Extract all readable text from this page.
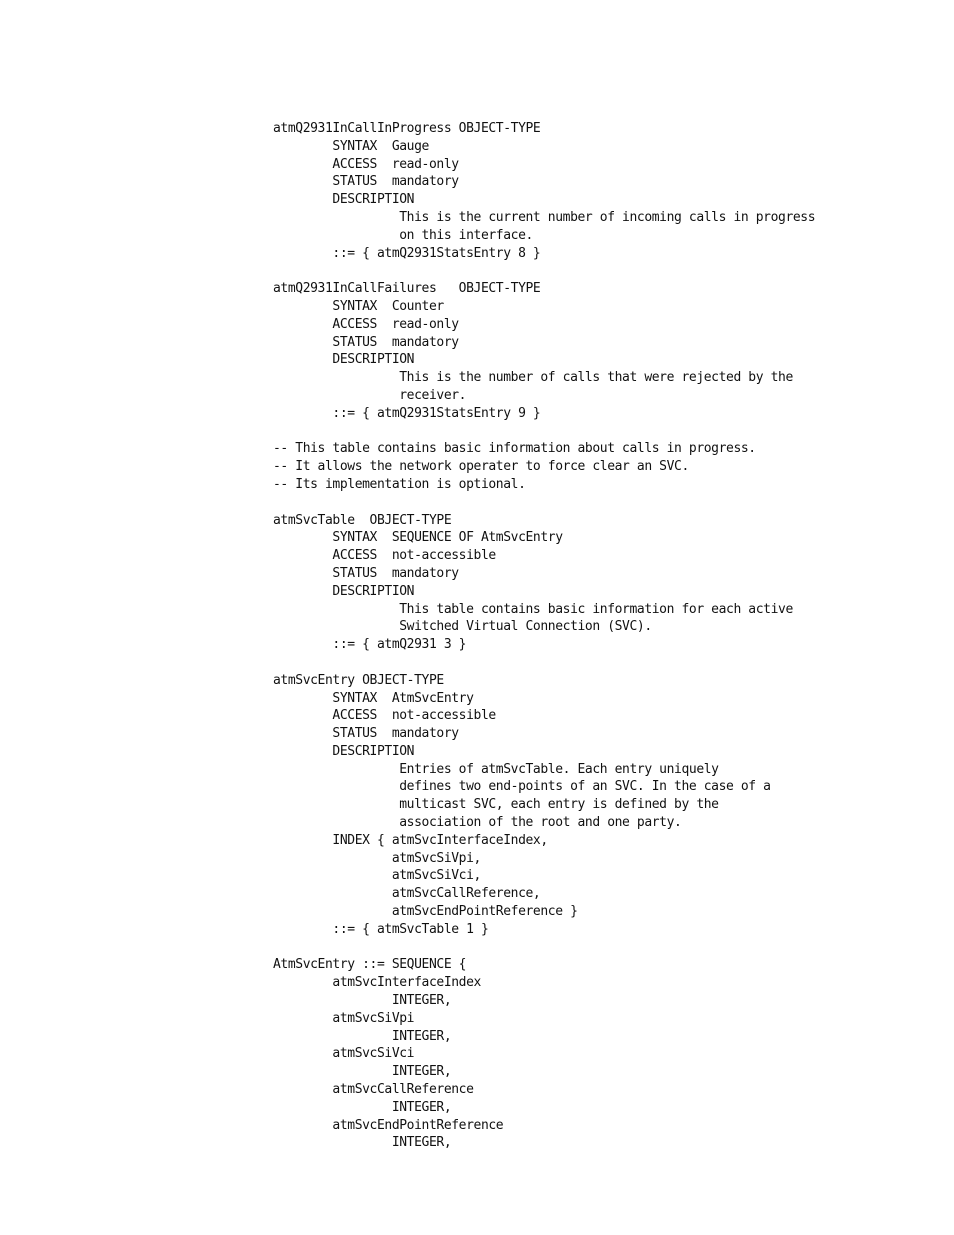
atmQ2931InCallInProgress OBJECT-TYPE
SYNTAX  Gauge
ACCESS  read-only
STATUS  mandatory
DESCRIPTION
This is the current number of incoming calls in progress
on this interface.
::= { atmQ2931StatsEntry 8 }
atmQ2931InCallFailures   OBJECT-TYPE
SYNTAX  Counter
ACCESS  read-only
STATUS  mandatory
DESCRIPTION
This is the number of calls that were rejected by the
receiver.
::= { atmQ2931StatsEntry 9 }
-- This table contains basic information about calls in progress.
-- It allows the network operater to force clear an SVC.
-- Its implementation is optional.
atmSvcTable  OBJECT-TYPE
SYNTAX  SEQUENCE OF AtmSvcEntry
ACCESS  not-accessible
STATUS  mandatory
DESCRIPTION
This table contains basic information for each active
Switched Virtual Connection (SVC).
::= { atmQ2931 3 }
atmSvcEntry OBJECT-TYPE
SYNTAX  AtmSvcEntry
ACCESS  not-accessible
STATUS  mandatory
DESCRIPTION
Entries of atmSvcTable. Each entry uniquely
defines two end-points of an SVC. In the case of a
multicast SVC, each entry is defined by the
association of the root and one party.
INDEX { atmSvcInterfaceIndex,
atmSvcSiVpi,
atmSvcSiVci,
atmSvcCallReference,
atmSvcEndPointReference }
::= { atmSvcTable 1 }
AtmSvcEntry ::= SEQUENCE {
atmSvcInterfaceIndex
INTEGER,
atmSvcSiVpi
INTEGER,
atmSvcSiVci
INTEGER,
atmSvcCallReference
INTEGER,
atmSvcEndPointReference
INTEGER,
